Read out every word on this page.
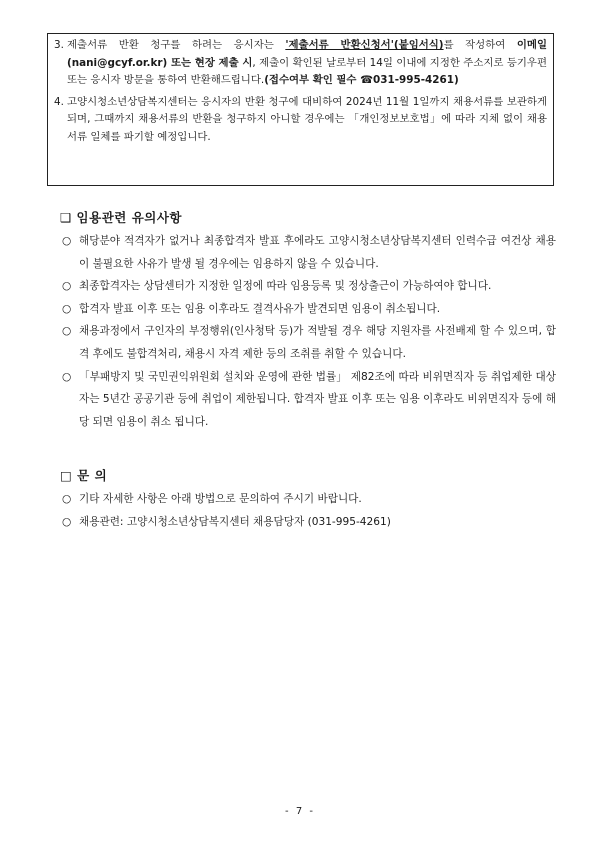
3. 제출서류 반환 청구를 하려는 응시자는 '제출서류 반환신청서'(붙임서식)를 작성하여 이메일(nani@gcyf.or.kr) 또는 현장 제출 시, 제출이 확인된 날로부터 14일 이내에 지정한 주소지로 등기우편 또는 응시자 방문을 통하여 반환해드립니다.(접수여부 확인 필수 ☎031-995-4261)
4. 고양시청소년상담복지센터는 응시자의 반환 청구에 대비하여 2024년 11월 1일까지 채용서류를 보관하게 되며, 그때까지 채용서류의 반환을 청구하지 아니할 경우에는 「개인정보보호법」에 따라 지체 없이 채용서류 일체를 파기할 예정입니다.
❑ 임용관련 유의사항
○ 해당분야 적격자가 없거나 최종합격자 발표 후에라도 고양시청소년상담복지센터 인력수급 여건상 채용 이 불필요한 사유가 발생 될 경우에는 임용하지 않을 수 있습니다.
○ 최종합격자는 상담센터가 지정한 일정에 따라 임용등록 및 정상출근이 가능하여야 합니다.
○ 합격자 발표 이후 또는 임용 이후라도 결격사유가 발견되면 임용이 취소됩니다.
○ 채용과정에서 구인자의 부정행위(인사청탁 등)가 적발될 경우 해당 지원자를 사전배제 할 수 있으며, 합격 후에도 불합격처리, 채용시 자격 제한 등의 조취를 취할 수 있습니다.
○ 「부패방지 및 국민권익위원회 설치와 운영에 관한 법률」 제82조에 따라 비위면직자 등 취업제한 대상자는 5년간 공공기관 등에 취업이 제한됩니다. 합격자 발표 이후 또는 임용 이후라도 비위면직자 등에 해당 되면 임용이 취소 됩니다.
□ 문 의
○ 기타 자세한 사항은 아래 방법으로 문의하여 주시기 바랍니다.
○ 채용관련: 고양시청소년상담복지센터 채용담당자 (031-995-4261)
- 7 -
